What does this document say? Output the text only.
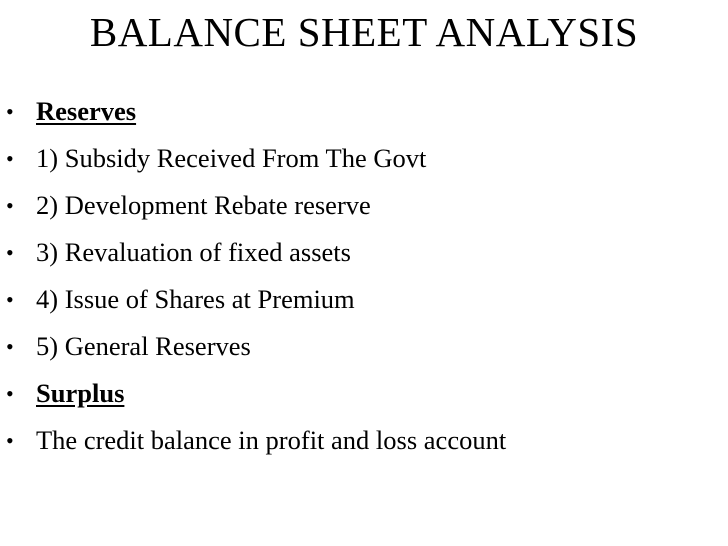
BALANCE SHEET ANALYSIS
• Reserves
• 1) Subsidy Received From The Govt
• 2) Development Rebate reserve
• 3) Revaluation of fixed assets
• 4) Issue of Shares at Premium
• 5) General Reserves
• Surplus
• The credit balance in profit and loss account
